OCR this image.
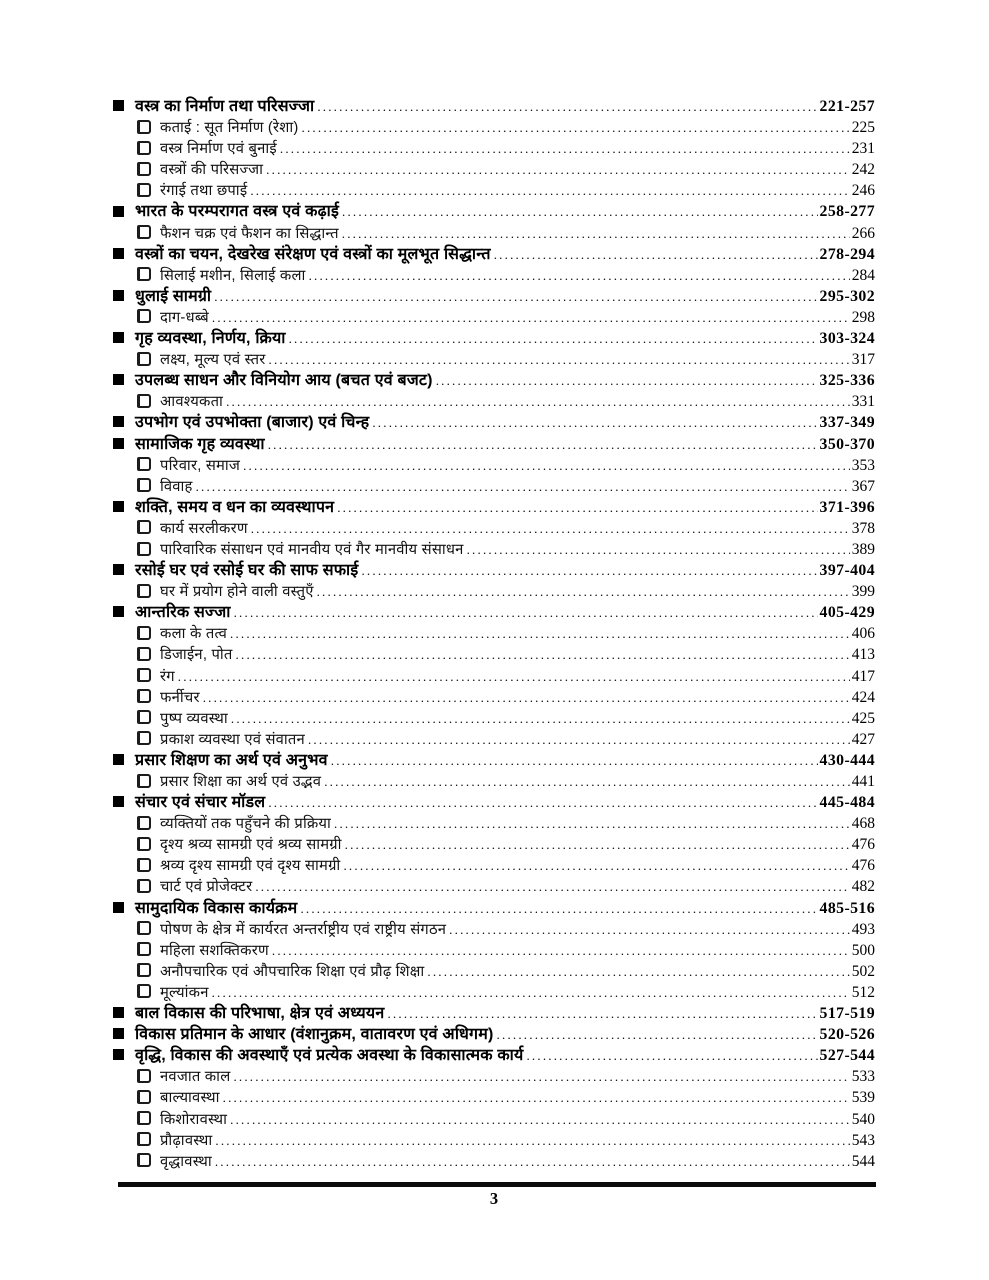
वस्त्र का निर्माण तथा परिसज्जा .....	221-257
कताई : सूत निर्माण (रेशा) .....	225
वस्त्र निर्माण एवं बुनाई .....	231
वस्त्रों की परिसज्जा .....	242
रंगाई तथा छपाई .....	246
भारत के परम्परागत वस्त्र एवं कढ़ाई .....	258-277
फैशन चक्र एवं फैशन का सिद्धान्त .....	266
वस्त्रों का चयन, देखरेख संरेक्षण एवं वस्त्रों का मूलभूत सिद्धान्त .....	278-294
सिलाई मशीन, सिलाई कला .....	284
धुलाई सामग्री .....	295-302
दाग-धब्बे .....	298
गृह व्यवस्था, निर्णय, क्रिया .....	303-324
लक्ष्य, मूल्य एवं स्तर .....	317
उपलब्ध साधन और विनियोग आय (बचत एवं बजट) .....	325-336
आवश्यकता .....	331
उपभोग एवं उपभोक्ता (बाजार) एवं चिन्ह .....	337-349
सामाजिक गृह व्यवस्था .....	350-370
परिवार, समाज .....	353
विवाह .....	367
शक्ति, समय व धन का व्यवस्थापन .....	371-396
कार्य सरलीकरण .....	378
पारिवारिक संसाधन एवं मानवीय एवं गैर मानवीय संसाधन .....	389
रसोई घर एवं रसोई घर की साफ सफाई .....	397-404
घर में प्रयोग होने वाली वस्तुएँ .....	399
आन्तरिक सज्जा .....	405-429
कला के तत्व .....	406
डिजाईन, पोत .....	413
रंग .....	417
फर्नीचर .....	424
पुष्प व्यवस्था .....	425
प्रकाश व्यवस्था एवं संवातन .....	427
प्रसार शिक्षण का अर्थ एवं अनुभव .....	430-444
प्रसार शिक्षा का अर्थ एवं उद्भव .....	441
संचार एवं संचार मॉडल .....	445-484
व्यक्तियों तक पहुँचने की प्रक्रिया .....	468
दृश्य श्रव्य सामग्री एवं श्रव्य सामग्री .....	476
श्रव्य दृश्य सामग्री एवं दृश्य सामग्री .....	476
चार्ट एवं प्रोजेक्टर .....	482
सामुदायिक विकास कार्यक्रम .....	485-516
पोषण के क्षेत्र में कार्यरत अन्तर्राष्ट्रीय एवं राष्ट्रीय संगठन .....	493
महिला सशक्तिकरण .....	500
अनौपचारिक एवं औपचारिक शिक्षा एवं प्रौढ़ शिक्षा .....	502
मूल्यांकन .....	512
बाल विकास की परिभाषा, क्षेत्र एवं अध्ययन .....	517-519
विकास प्रतिमान के आधार (वंशानुक्रम, वातावरण एवं अधिगम) .....	520-526
वृद्धि, विकास की अवस्थाएँ एवं प्रत्येक अवस्था के विकासात्मक कार्य .....	527-544
नवजात काल .....	533
बाल्यावस्था .....	539
किशोरावस्था .....	540
प्रौढ़ावस्था .....	543
वृद्धावस्था .....	544
3
